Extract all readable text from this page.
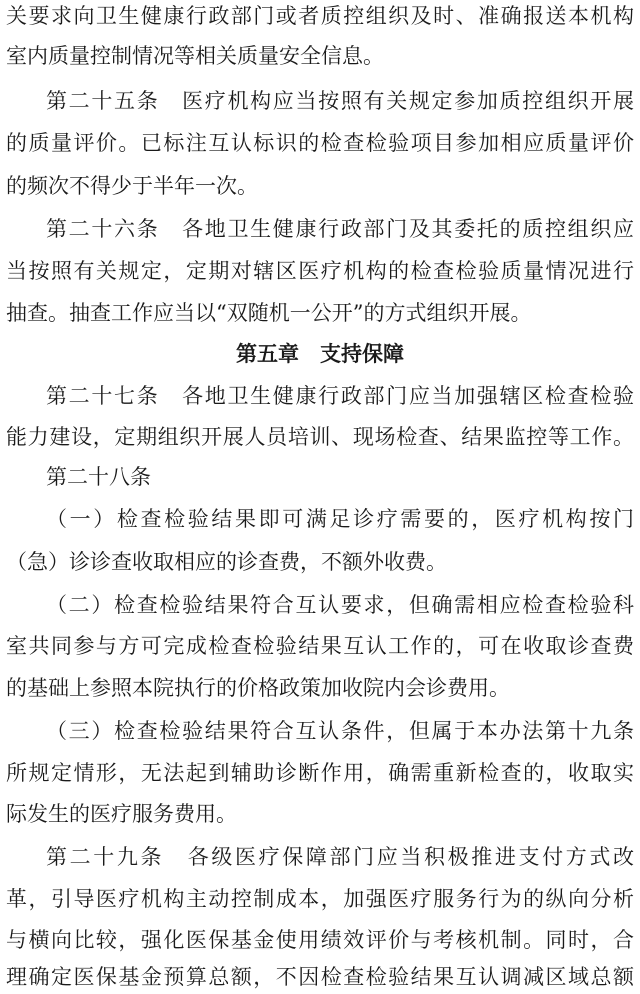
关要求向卫生健康行政部门或者质控组织及时、准确报送本机构
室内质量控制情况等相关质量安全信息。
第二十五条　医疗机构应当按照有关规定参加质控组织开展
的质量评价。已标注互认标识的检查检验项目参加相应质量评价
的频次不得少于半年一次。
第二十六条　各地卫生健康行政部门及其委托的质控组织应
当按照有关规定，定期对辖区医疗机构的检查检验质量情况进行
抽查。抽查工作应当以“双随机一公开”的方式组织开展。
第五章　支持保障
第二十七条　各地卫生健康行政部门应当加强辖区检查检验
能力建设，定期组织开展人员培训、现场检查、结果监控等工作。
第二十八条
（一）检查检验结果即可满足诊疗需要的，医疗机构按门
（急）诊诊查收取相应的诊查费，不额外收费。
（二）检查检验结果符合互认要求，但确需相应检查检验科
室共同参与方可完成检查检验结果互认工作的，可在收取诊查费
的基础上参照本院执行的价格政策加收院内会诊费用。
（三）检查检验结果符合互认条件，但属于本办法第十九条
所规定情形，无法起到辅助诊断作用，确需重新检查的，收取实
际发生的医疗服务费用。
第二十九条　各级医疗保障部门应当积极推进支付方式改
革，引导医疗机构主动控制成本，加强医疗服务行为的纵向分析
与横向比较，强化医保基金使用绩效评价与考核机制。同时，合
理确定医保基金预算总额，不因检查检验结果互认调减区域总额
